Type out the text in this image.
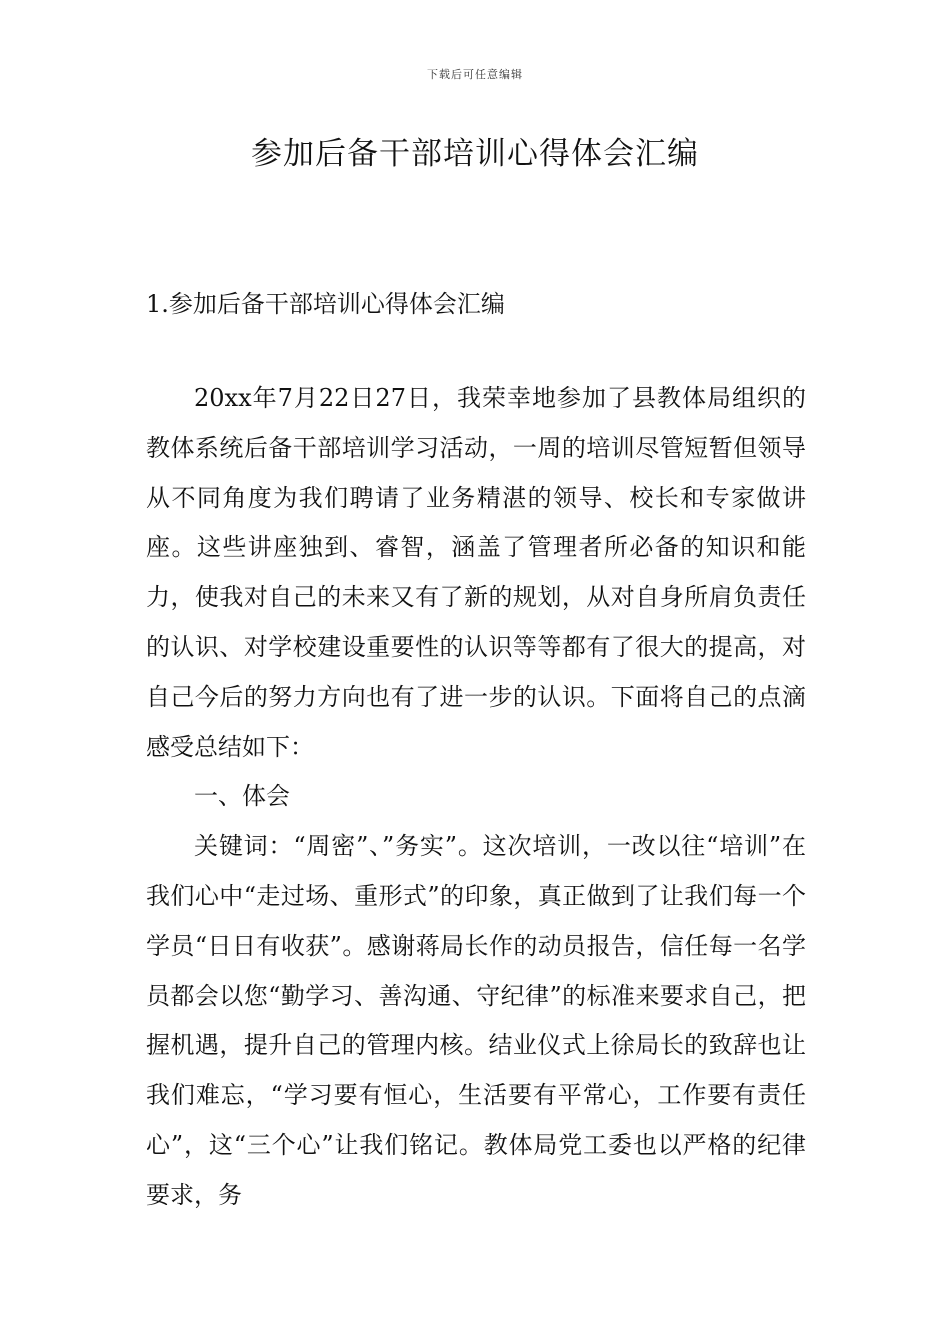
下载后可任意编辑
参加后备干部培训心得体会汇编
1.参加后备干部培训心得体会汇编

20xx年7月22日27日，我荣幸地参加了县教体局组织的教体系统后备干部培训学习活动，一周的培训尽管短暂但领导从不同角度为我们聘请了业务精湛的领导、校长和专家做讲座。这些讲座独到、睿智，涵盖了管理者所必备的知识和能力，使我对自己的未来又有了新的规划，从对自身所肩负责任的认识、对学校建设重要性的认识等等都有了很大的提高，对自己今后的努力方向也有了进一步的认识。下面将自己的点滴感受总结如下：

一、体会

关键词：“周密”、”务实”。这次培训，一改以往“培训”在我们心中“走过场、重形式”的印象，真正做到了让我们每一个学员“日日有收获”。感谢蒋局长作的动员报告，信任每一名学员都会以您“勤学习、善沟通、守纪律”的标准来要求自己，把握机遇，提升自己的管理内核。结业仪式上徐局长的致辞也让我们难忘，“学习要有恒心，生活要有平常心，工作要有责任心”，这“三个心”让我们铭记。教体局党工委也以严格的纪律要求，务
